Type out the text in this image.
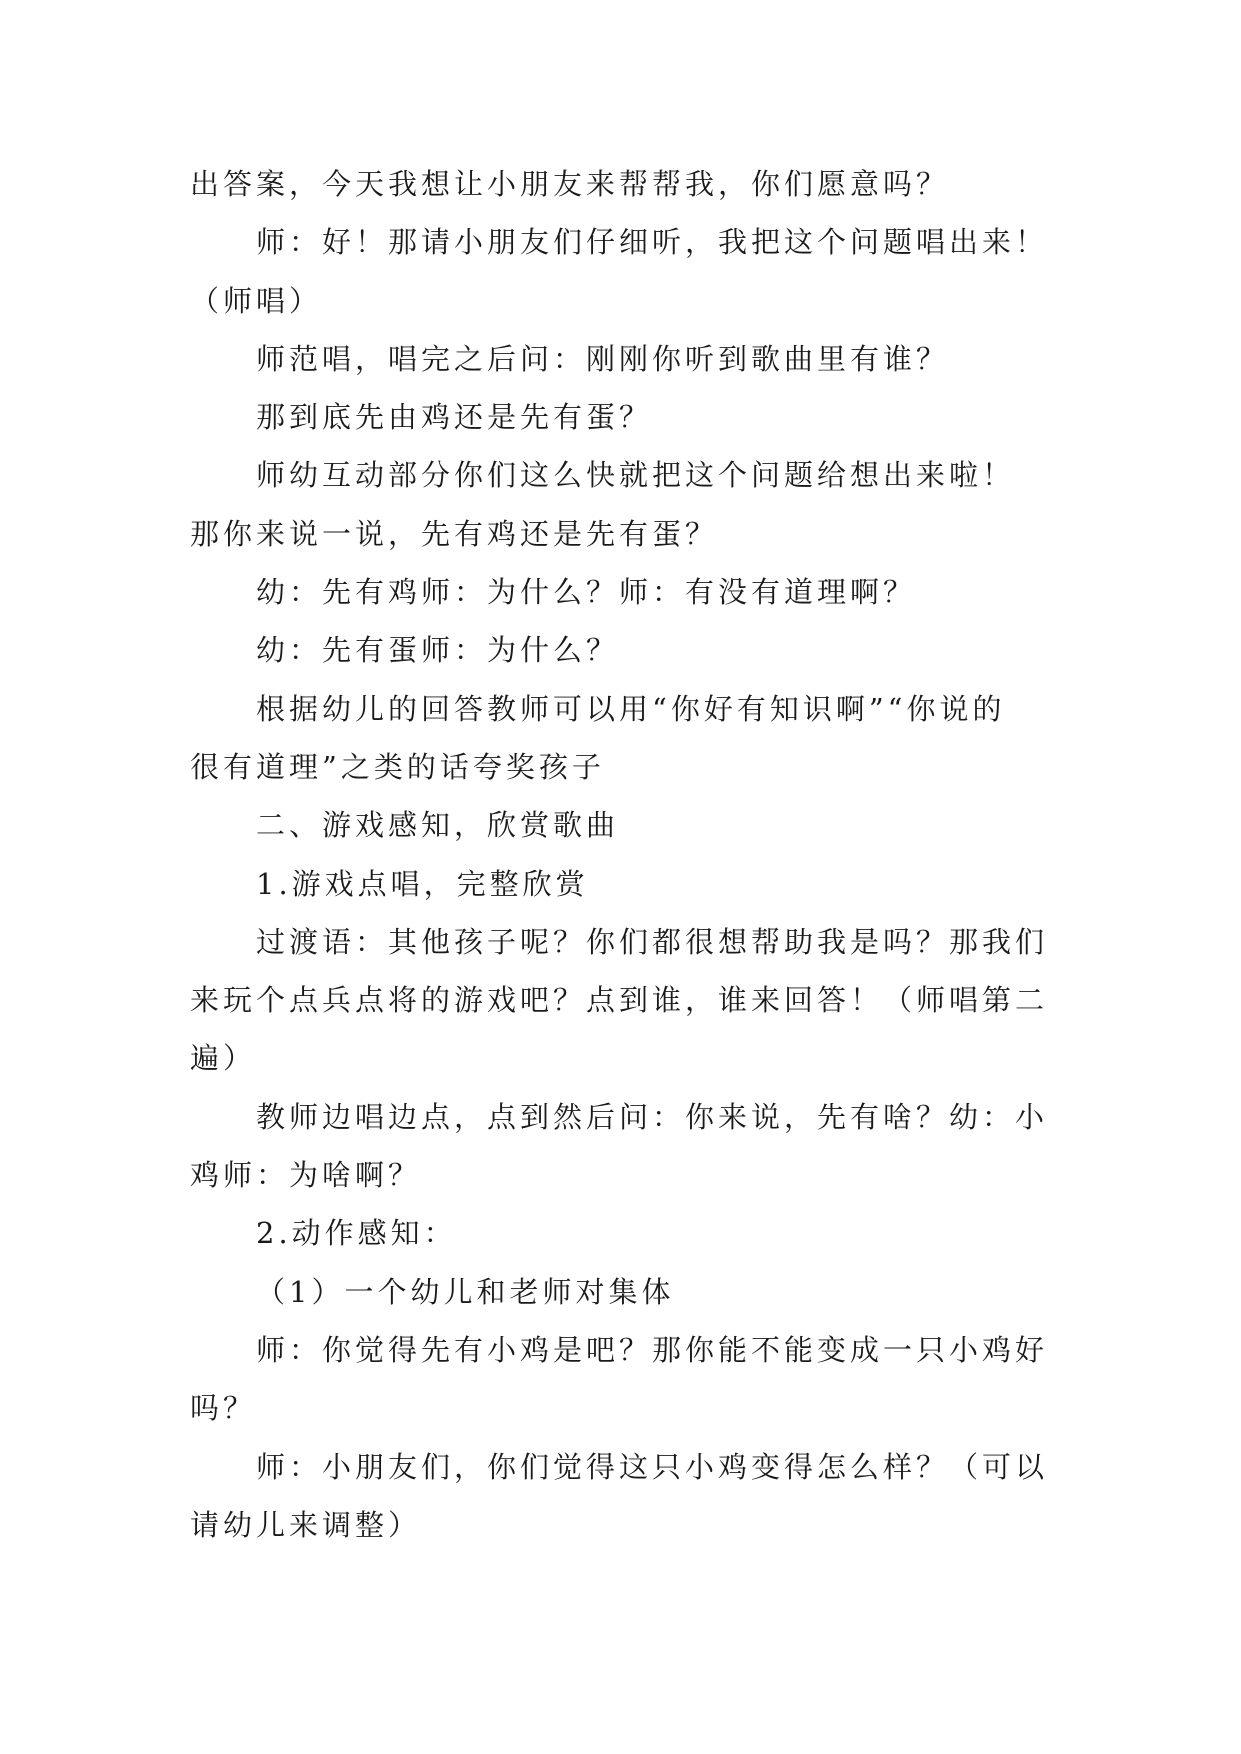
出答案，今天我想让小朋友来帮帮我，你们愿意吗？
师：好！那请小朋友们仔细听，我把这个问题唱出来！
（师唱）
师范唱，唱完之后问：刚刚你听到歌曲里有谁？
那到底先由鸡还是先有蛋？
师幼互动部分你们这么快就把这个问题给想出来啦！
那你来说一说，先有鸡还是先有蛋？
幼：先有鸡师：为什么？师：有没有道理啊？
幼：先有蛋师：为什么？
根据幼儿的回答教师可以用“你好有知识啊”“你说的
很有道理”之类的话夸奖孩子
二、游戏感知，欣赏歌曲
1.游戏点唱，完整欣赏
过渡语：其他孩子呢？你们都很想帮助我是吗？那我们
来玩个点兵点将的游戏吧？点到谁，谁来回答！（师唱第二
遍）
教师边唱边点，点到然后问：你来说，先有啥？幼：小
鸡师：为啥啊？
2.动作感知：
（1）一个幼儿和老师对集体
师：你觉得先有小鸡是吧？那你能不能变成一只小鸡好
吗？
师：小朋友们，你们觉得这只小鸡变得怎么样？（可以
请幼儿来调整）
